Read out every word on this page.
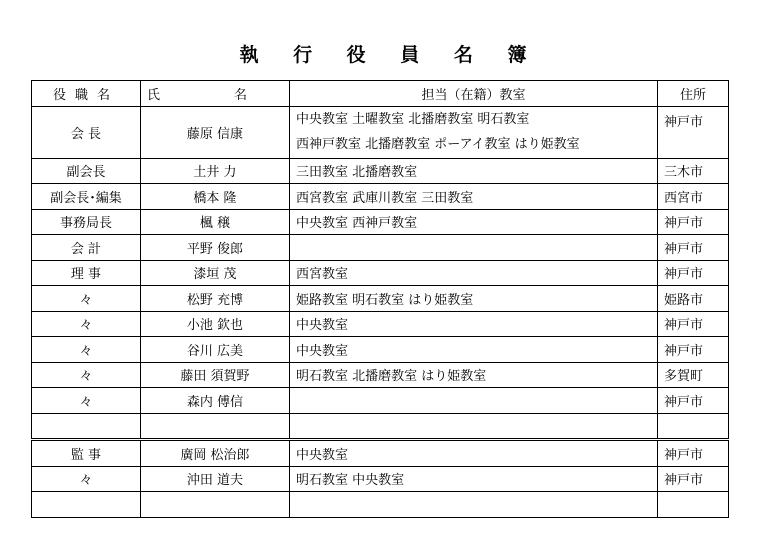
執 行 役 員 名 簿
役職名	氏 名	担当（在籍）教室	住所
会 長	藤原 信康	中央教室 土曜教室 北播磨教室 明石教室
西神戸教室 北播磨教室 ポーアイ教室 はり姫教室	神戸市
副会長	土井 力	三田教室 北播磨教室	三木市
副会長･編集	橋本 隆	西宮教室 武庫川教室 三田教室	西宮市
事務局長	楓 穣	中央教室 西神戸教室	神戸市
会 計	平野 俊郎		神戸市
理 事	漆垣 茂	西宮教室	神戸市
々	松野 充博	姫路教室 明石教室 はり姫教室	姫路市
々	小池 欽也	中央教室	神戸市
々	谷川 広美	中央教室	神戸市
々	藤田 須賀野	明石教室 北播磨教室 はり姫教室	多賀町
々	森内 傅信		神戸市

監 事	廣岡 松治郎	中央教室	神戸市
々	沖田 道夫	明石教室 中央教室	神戸市
